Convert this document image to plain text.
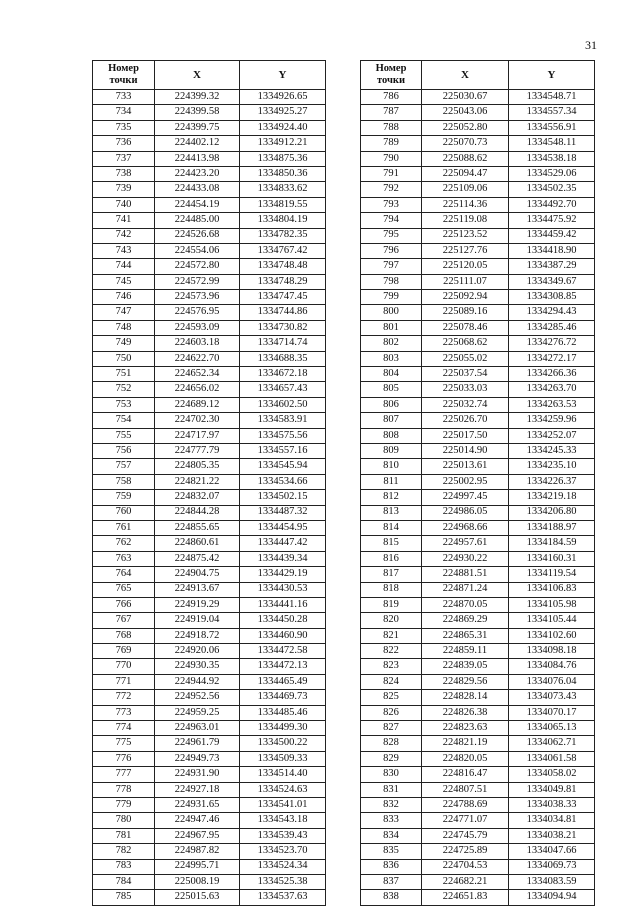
31
Номер
точки	X	Y
733	224399.32	1334926.65
734	224399.58	1334925.27
735	224399.75	1334924.40
736	224402.12	1334912.21
737	224413.98	1334875.36
738	224423.20	1334850.36
739	224433.08	1334833.62
740	224454.19	1334819.55
741	224485.00	1334804.19
742	224526.68	1334782.35
743	224554.06	1334767.42
744	224572.80	1334748.48
745	224572.99	1334748.29
746	224573.96	1334747.45
747	224576.95	1334744.86
748	224593.09	1334730.82
749	224603.18	1334714.74
750	224622.70	1334688.35
751	224652.34	1334672.18
752	224656.02	1334657.43
753	224689.12	1334602.50
754	224702.30	1334583.91
755	224717.97	1334575.56
756	224777.79	1334557.16
757	224805.35	1334545.94
758	224821.22	1334534.66
759	224832.07	1334502.15
760	224844.28	1334487.32
761	224855.65	1334454.95
762	224860.61	1334447.42
763	224875.42	1334439.34
764	224904.75	1334429.19
765	224913.67	1334430.53
766	224919.29	1334441.16
767	224919.04	1334450.28
768	224918.72	1334460.90
769	224920.06	1334472.58
770	224930.35	1334472.13
771	224944.92	1334465.49
772	224952.56	1334469.73
773	224959.25	1334485.46
774	224963.01	1334499.30
775	224961.79	1334500.22
776	224949.73	1334509.33
777	224931.90	1334514.40
778	224927.18	1334524.63
779	224931.65	1334541.01
780	224947.46	1334543.18
781	224967.95	1334539.43
782	224987.82	1334523.70
783	224995.71	1334524.34
784	225008.19	1334525.38
785	225015.63	1334537.63
Номер
точки	X	Y
786	225030.67	1334548.71
787	225043.06	1334557.34
788	225052.80	1334556.91
789	225070.73	1334548.11
790	225088.62	1334538.18
791	225094.47	1334529.06
792	225109.06	1334502.35
793	225114.36	1334492.70
794	225119.08	1334475.92
795	225123.52	1334459.42
796	225127.76	1334418.90
797	225120.05	1334387.29
798	225111.07	1334349.67
799	225092.94	1334308.85
800	225089.16	1334294.43
801	225078.46	1334285.46
802	225068.62	1334276.72
803	225055.02	1334272.17
804	225037.54	1334266.36
805	225033.03	1334263.70
806	225032.74	1334263.53
807	225026.70	1334259.96
808	225017.50	1334252.07
809	225014.90	1334245.33
810	225013.61	1334235.10
811	225002.95	1334226.37
812	224997.45	1334219.18
813	224986.05	1334206.80
814	224968.66	1334188.97
815	224957.61	1334184.59
816	224930.22	1334160.31
817	224881.51	1334119.54
818	224871.24	1334106.83
819	224870.05	1334105.98
820	224869.29	1334105.44
821	224865.31	1334102.60
822	224859.11	1334098.18
823	224839.05	1334084.76
824	224829.56	1334076.04
825	224828.14	1334073.43
826	224826.38	1334070.17
827	224823.63	1334065.13
828	224821.19	1334062.71
829	224820.05	1334061.58
830	224816.47	1334058.02
831	224807.51	1334049.81
832	224788.69	1334038.33
833	224771.07	1334034.81
834	224745.79	1334038.21
835	224725.89	1334047.66
836	224704.53	1334069.73
837	224682.21	1334083.59
838	224651.83	1334094.94
